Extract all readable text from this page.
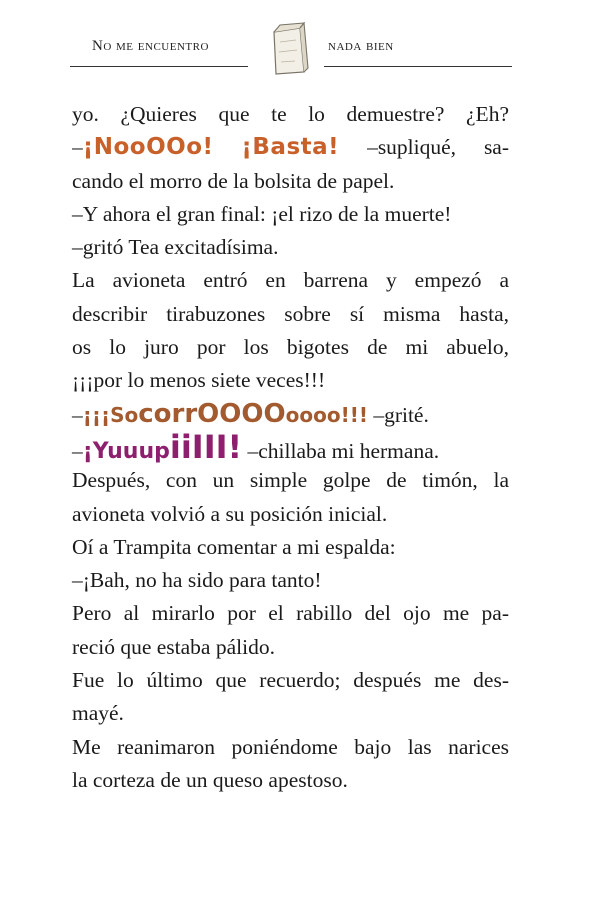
No me encuentro	nada bien
yo. ¿Quieres que te lo demuestre? ¿Eh?
–¡NooOOo! ¡Basta! –supliqué, sa-
cando el morro de la bolsita de papel.
–Y ahora el gran final: ¡el rizo de la muerte!
–gritó Tea excitadísima.
La avioneta entró en barrena y empezó a
describir tirabuzones sobre sí misma hasta,
os lo juro por los bigotes de mi abuelo,
¡¡¡por lo menos siete veces!!!
–¡¡¡SocorrOOOOoooo!!! –grité.
–¡YuuupiiIII! –chillaba mi hermana.
Después, con un simple golpe de timón, la
avioneta volvió a su posición inicial.
Oí a Trampita comentar a mi espalda:
–¡Bah, no ha sido para tanto!
Pero al mirarlo por el rabillo del ojo me pa-
reció que estaba pálido.
Fue lo último que recuerdo; después me des-
mayé.
Me reanimaron poniéndome bajo las narices
la corteza de un queso apestoso.
